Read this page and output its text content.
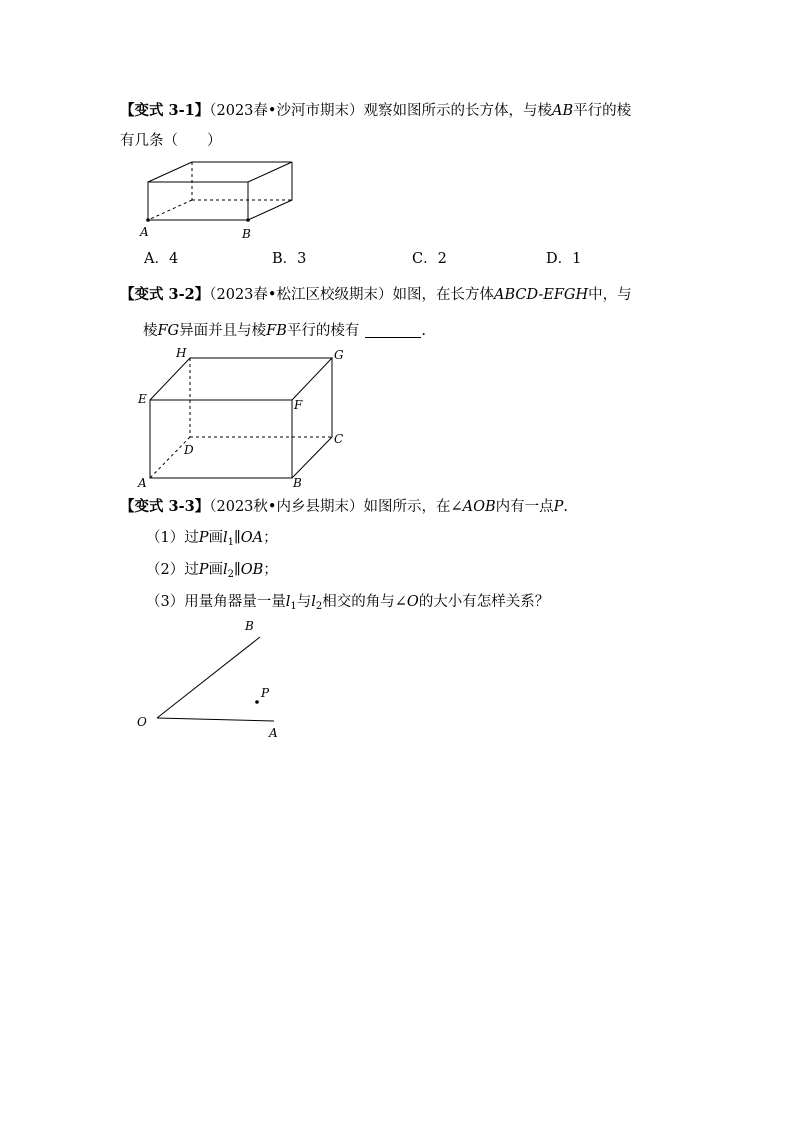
【变式 3-1】（2023春•沙河市期末）观察如图所示的长方体，与棱AB平行的棱
有几条（　　）
A	B
A．4	B．3	C．2	D．1
【变式 3-2】（2023春•松江区校级期末）如图，在长方体ABCD-EFGH中，与
棱FG异面并且与棱FB平行的棱有	.
H	G
E	F
D
C
A	B
【变式 3-3】（2023秋•内乡县期末）如图所示，在∠AOB内有一点P.
（1）过P画$l_1\parallel OA$；
（2）过P画$l_2\parallel OB$；
（3）用量角器量一量$l_1$与$l_2$相交的角与∠O的大小有怎样关系？
B
P
O
A
